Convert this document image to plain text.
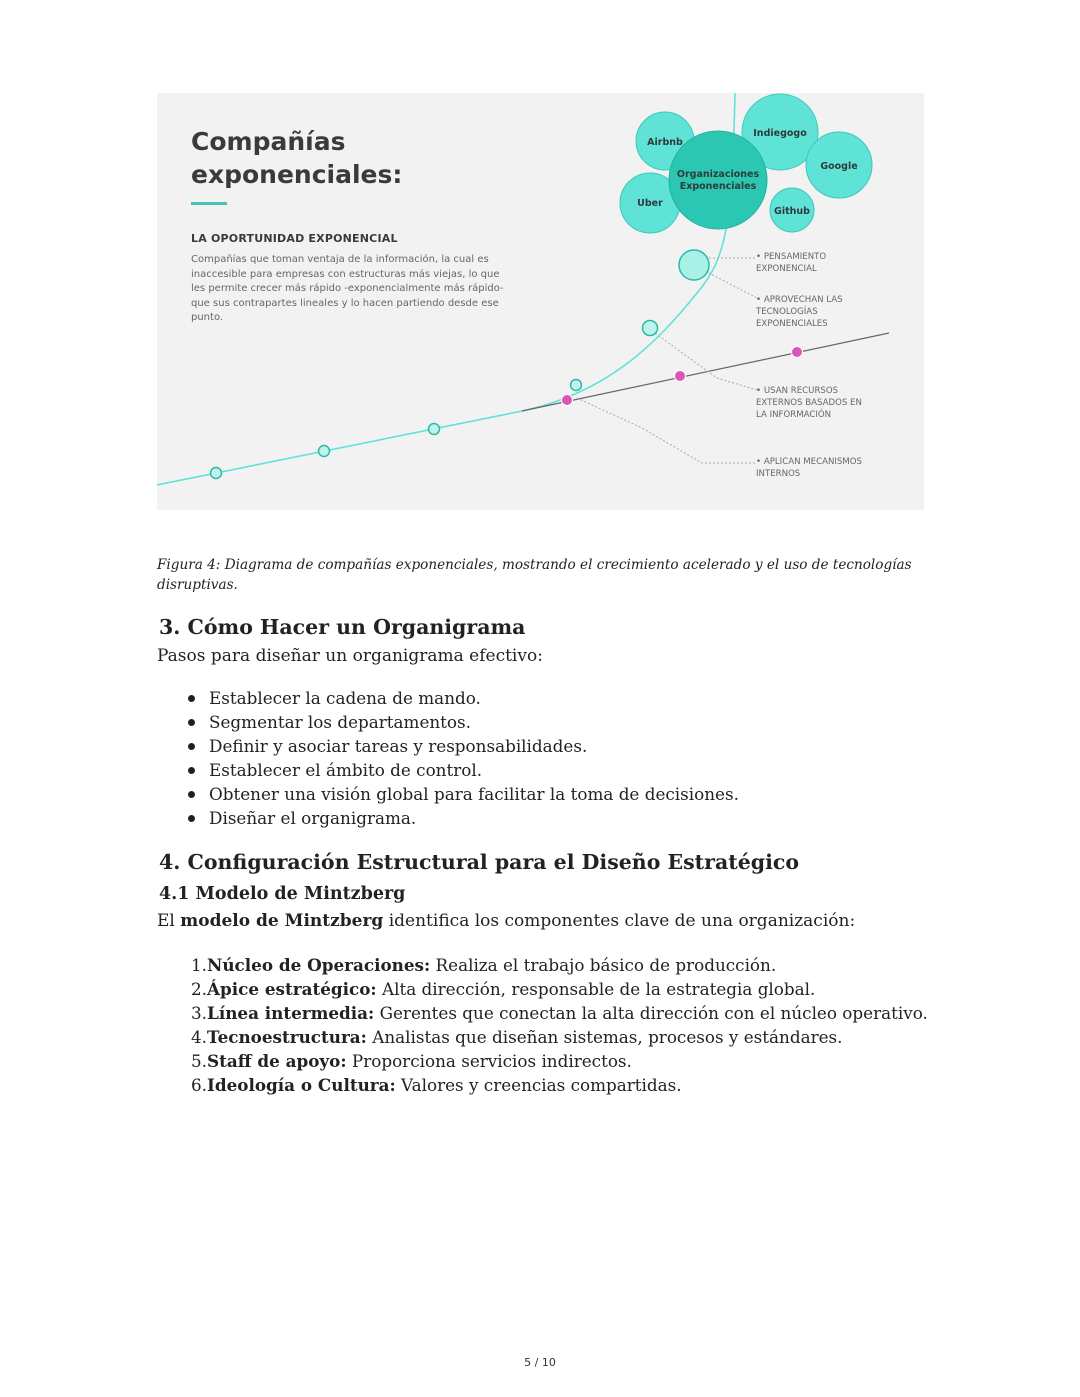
Airbnb
Indiegogo
Google
Uber
Github
Organizaciones
Exponenciales
Compañías exponenciales:
LA OPORTUNIDAD EXPONENCIAL
Compañías que toman ventaja de la información, la cual es inaccesible para empresas con estructuras más viejas, lo que les permite crecer más rápido -exponencialmente más rápido- que sus contrapartes lineales y lo hacen partiendo desde ese punto.
• PENSAMIENTO EXPONENCIAL
• APROVECHAN LAS TECNOLOGÍAS EXPONENCIALES
• USAN RECURSOS EXTERNOS BASADOS EN LA INFORMACIÓN
• APLICAN MECANISMOS INTERNOS
Figura 4: Diagrama de compañías exponenciales, mostrando el crecimiento acelerado y el uso de tecnologías disruptivas.
3. Cómo Hacer un Organigrama
Pasos para diseñar un organigrama efectivo:
Establecer la cadena de mando.
Segmentar los departamentos.
Definir y asociar tareas y responsabilidades.
Establecer el ámbito de control.
Obtener una visión global para facilitar la toma de decisiones.
Diseñar el organigrama.
4. Configuración Estructural para el Diseño Estratégico
4.1 Modelo de Mintzberg
El modelo de Mintzberg identifica los componentes clave de una organización:
1.Núcleo de Operaciones: Realiza el trabajo básico de producción.
2.Ápice estratégico: Alta dirección, responsable de la estrategia global.
3.Línea intermedia: Gerentes que conectan la alta dirección con el núcleo operativo.
4.Tecnoestructura: Analistas que diseñan sistemas, procesos y estándares.
5.Staff de apoyo: Proporciona servicios indirectos.
6.Ideología o Cultura: Valores y creencias compartidas.
5 / 10
